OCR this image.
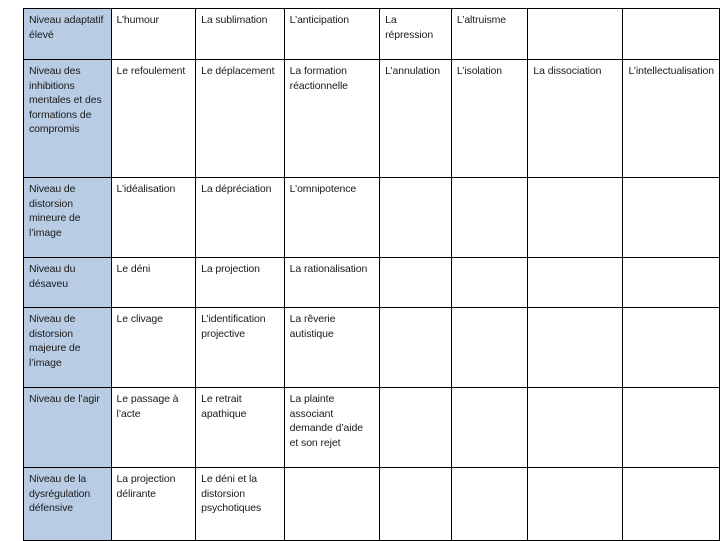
Niveau adaptatif élevé	L’humour	La sublimation	L’anticipation	La répression	L’altruisme		
Niveau des inhibitions mentales et des formations de compromis	Le refoulement	Le déplacement	La formation réactionnelle	L’annulation	L’isolation	La dissociation	L’intellectualisation
Niveau de distorsion mineure de l’image	L’idéalisation	La dépréciation	L’omnipotence				
Niveau du désaveu	Le déni	La projection	La rationalisation				
Niveau de distorsion majeure de l’image	Le clivage	L’identification projective	La rêverie autistique				
Niveau de l’agir	Le passage à l’acte	Le retrait apathique	La plainte associant demande d’aide et son rejet				
Niveau de la dysrégulation défensive	La projection délirante	Le déni et la distorsion psychotiques					
